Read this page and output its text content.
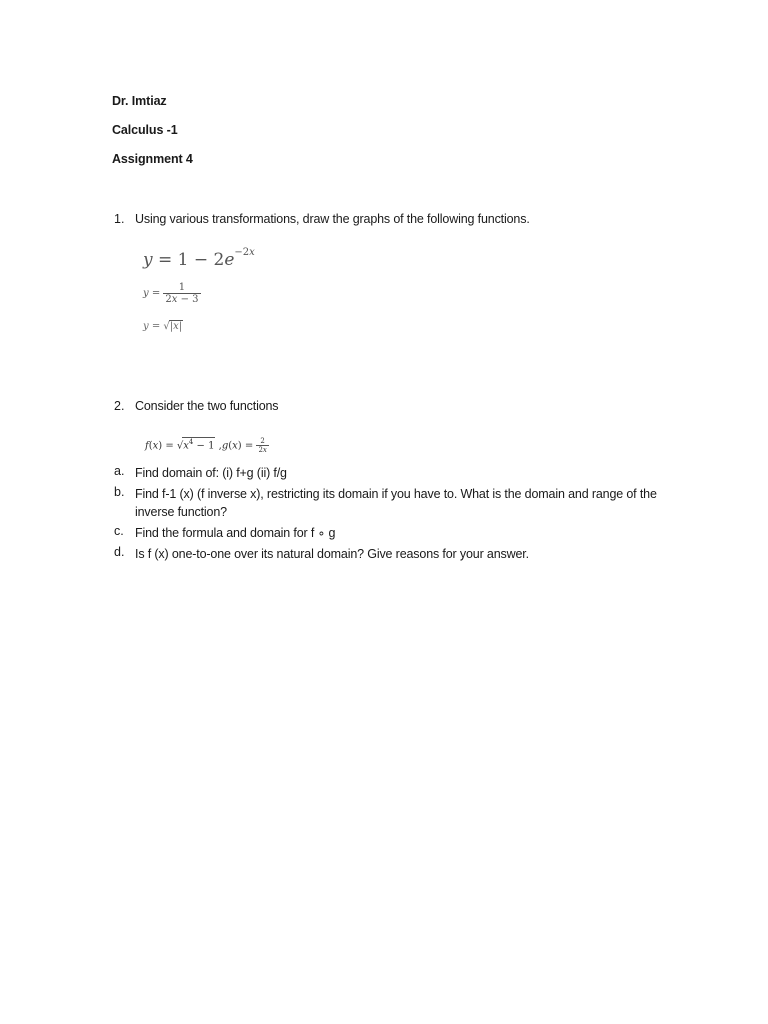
Dr. Imtiaz
Calculus -1
Assignment 4
1. Using various transformations, draw the graphs of the following functions.
$y = 1 - 2e^{-2x}$
$y = \frac{1}{2x - 3}$
y = √|x|
2. Consider the two functions
$f(x) = √x^4 - 1$ $,g(x) = \frac{2}{2x}$
a. Find domain of: (i) f+g (ii) f/g
b. Find f-1 (x) (f inverse x), restricting its domain if you have to. What is the domain and range of the inverse function?
c. Find the formula and domain for f ∘ g
d. Is f (x) one-to-one over its natural domain? Give reasons for your answer.
